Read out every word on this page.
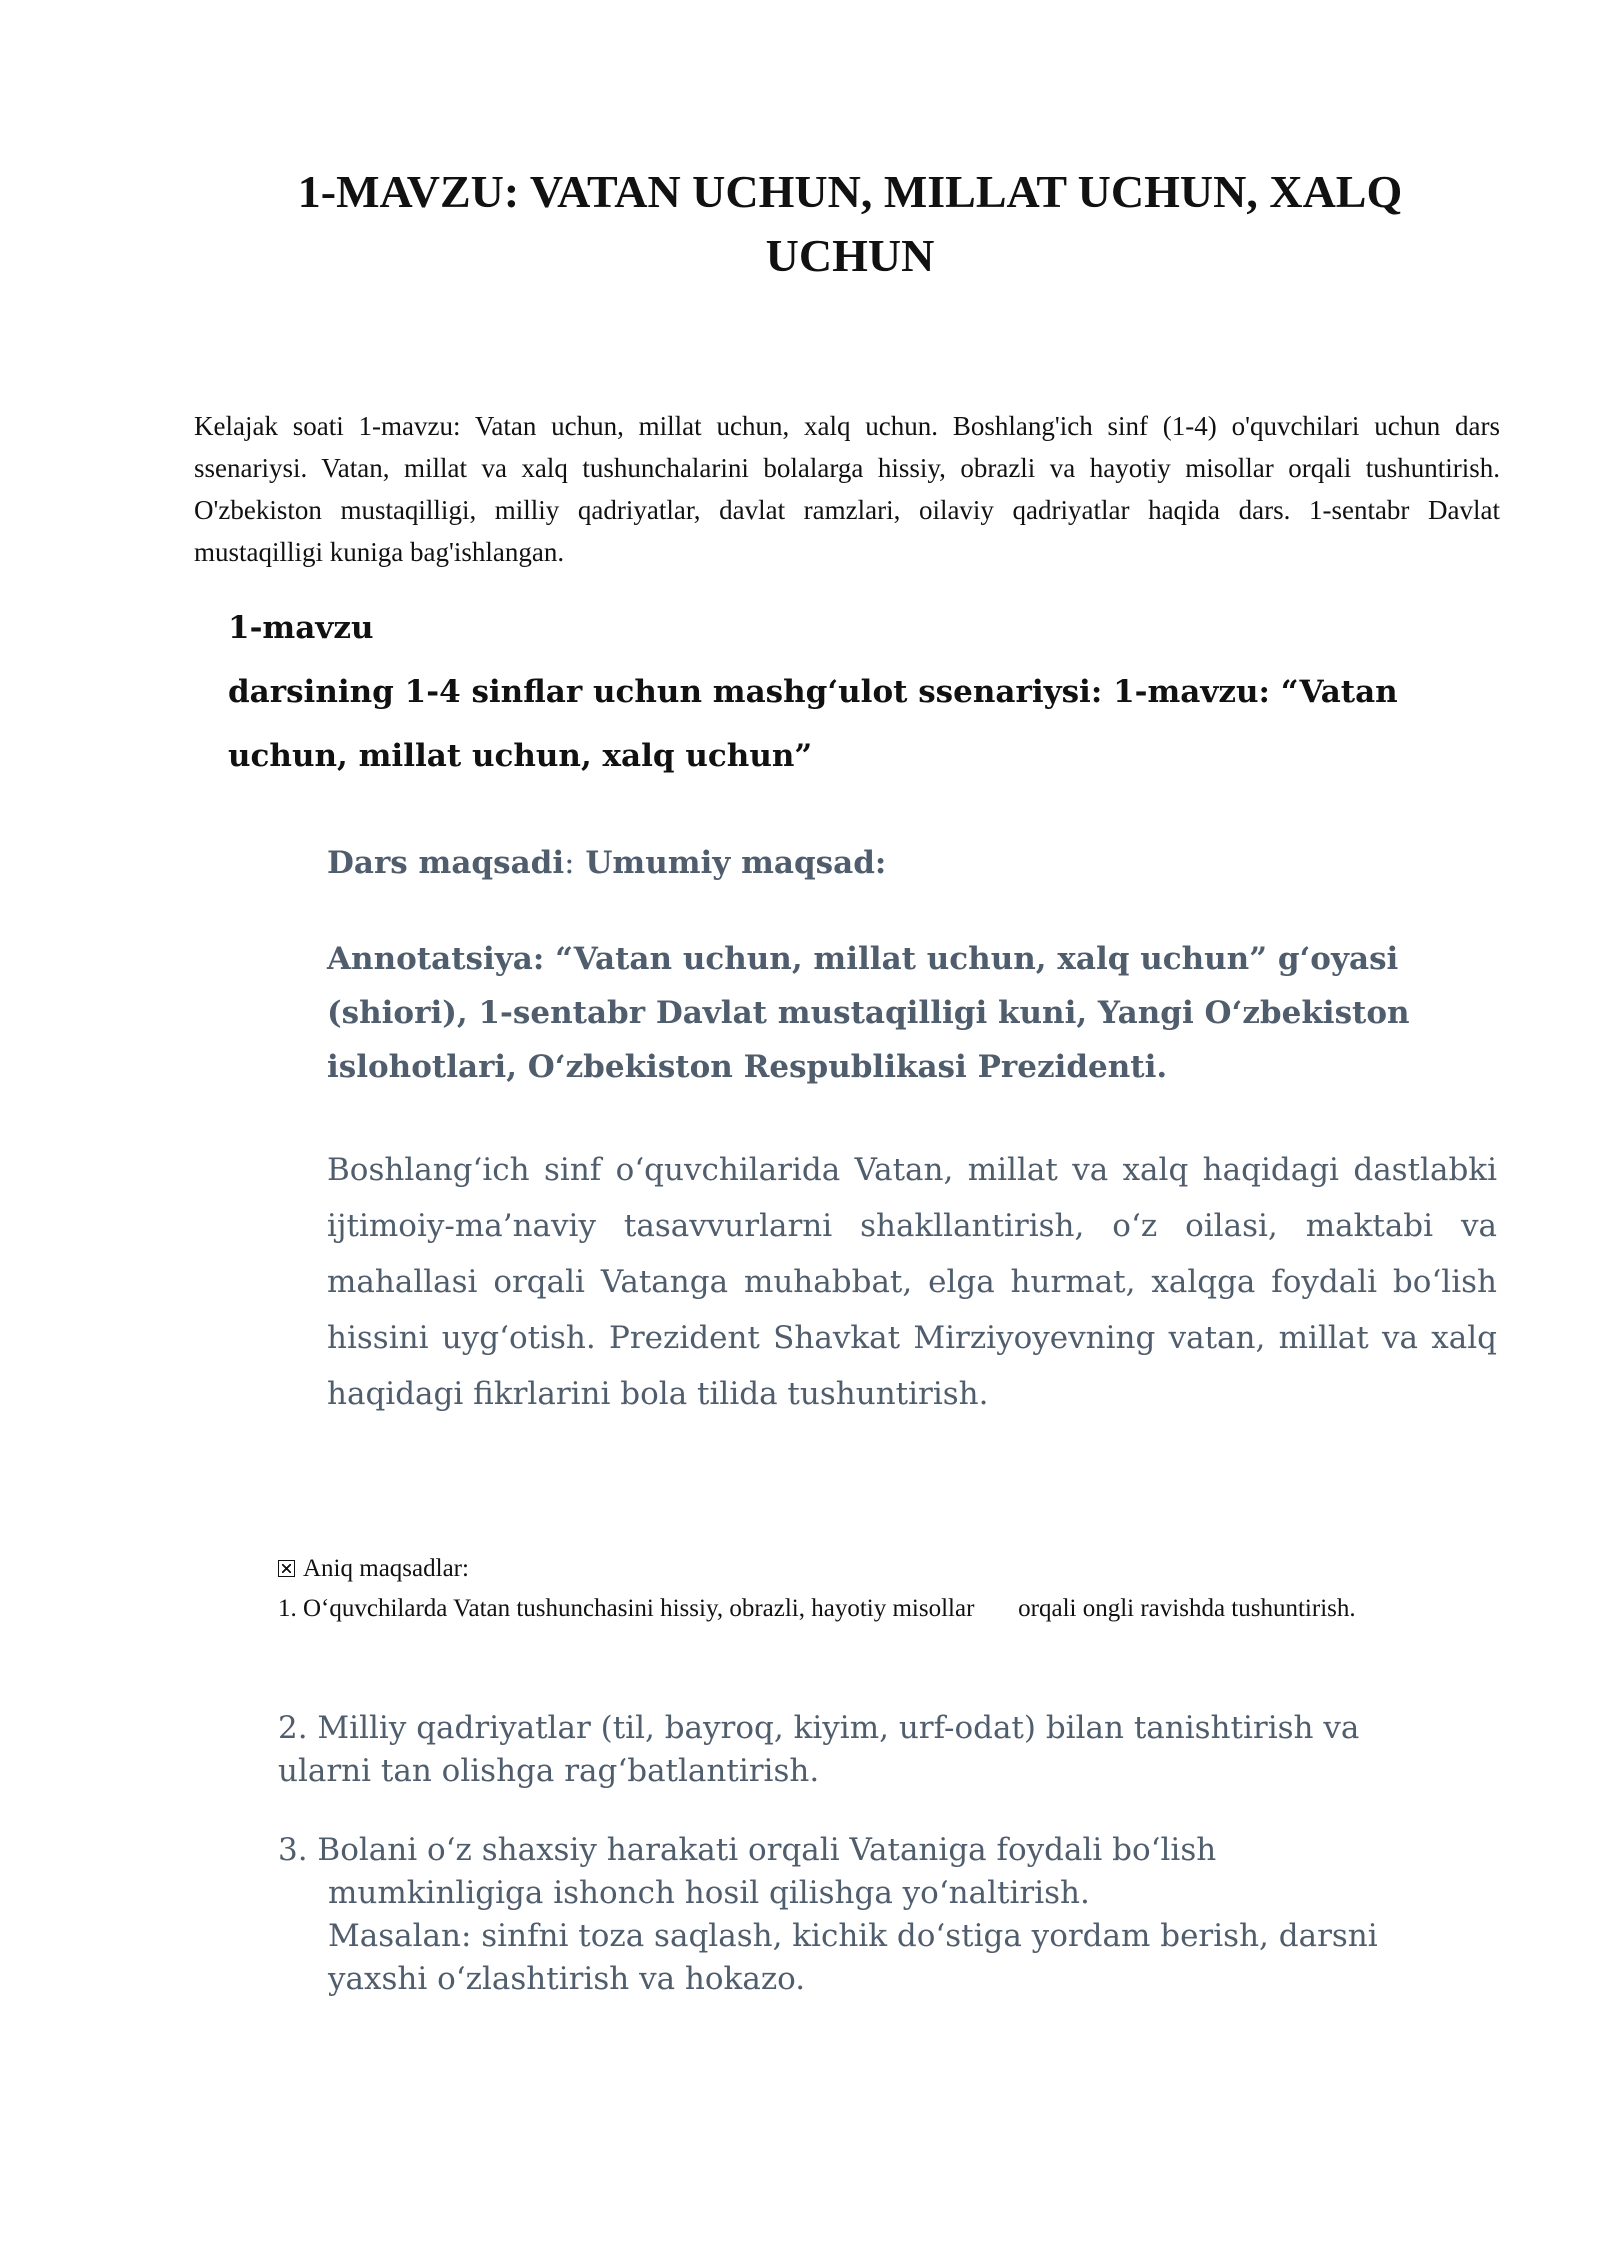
1-MAVZU: VATAN UCHUN, MILLAT UCHUN, XALQ
UCHUN
Kelajak soati 1-mavzu: Vatan uchun, millat uchun, xalq uchun. Boshlang'ich sinf (1-4) o'quvchilari uchun dars ssenariysi. Vatan, millat va xalq tushunchalarini bolalarga hissiy, obrazli va hayotiy misollar orqali tushuntirish. O'zbekiston mustaqilligi, milliy qadriyatlar, davlat ramzlari, oilaviy qadriyatlar haqida dars. 1-sentabr Davlat mustaqilligi kuniga bag'ishlangan.
1-mavzu
darsining 1-4 sinflar uchun mashg‘ulot ssenariysi: 1-mavzu: “Vatan uchun, millat uchun, xalq uchun”
Dars maqsadi: Umumiy maqsad:
Annotatsiya: “Vatan uchun, millat uchun, xalq uchun” g‘oyasi (shiori), 1-sentabr Davlat mustaqilligi kuni, Yangi O‘zbekiston islohotlari, O‘zbekiston Respublikasi Prezidenti.
Boshlang‘ich sinf o‘quvchilarida Vatan, millat va xalq haqidagi dastlabki ijtimoiy-ma’naviy tasavvurlarni shakllantirish, o‘z oilasi, maktabi va mahallasi orqali Vatanga muhabbat, elga hurmat, xalqga foydali bo‘lish hissini uyg‘otish. Prezident Shavkat Mirziyoyevning vatan, millat va xalq haqidagi fikrlarini bola tilida tushuntirish.
Aniq maqsadlar:
1. O‘quvchilarda Vatan tushunchasini hissiy, obrazli, hayotiy misollar       orqali ongli ravishda tushuntirish.
2. Milliy qadriyatlar (til, bayroq, kiyim, urf-odat) bilan tanishtirish va ularni tan olishga rag‘batlantirish.
3. Bolani o‘z shaxsiy harakati orqali Vataniga foydali bo‘lish
mumkinligiga ishonch hosil qilishga yo‘naltirish.
Masalan: sinfni toza saqlash, kichik do‘stiga yordam berish, darsni
yaxshi o‘zlashtirish va hokazo.
